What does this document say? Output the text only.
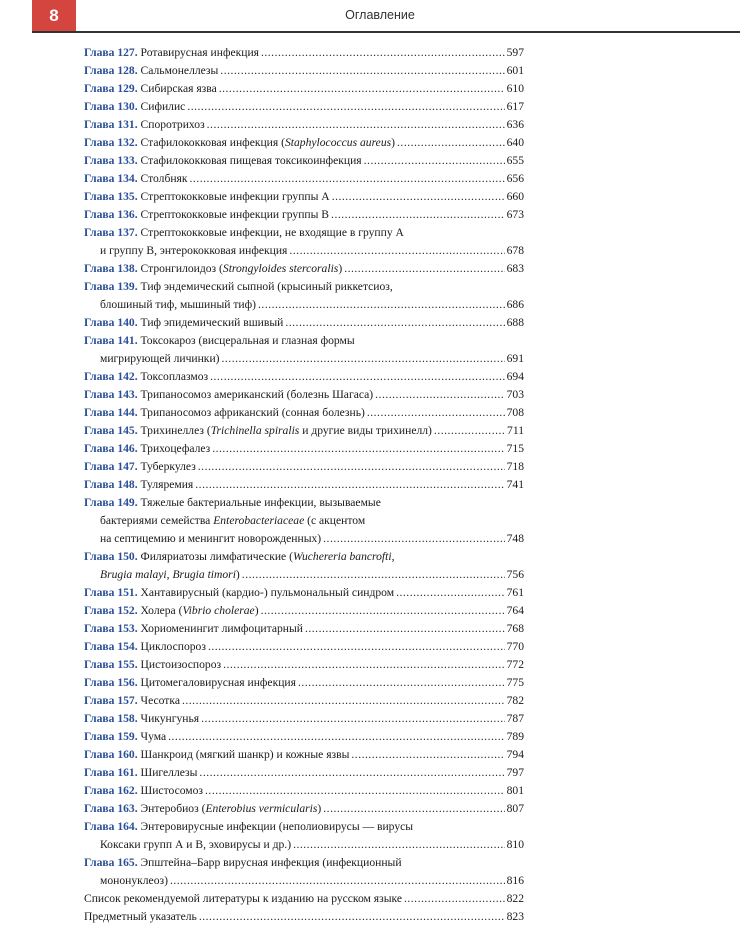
8	Оглавление
Глава 127. Ротавирусная инфекция .....	597
Глава 128. Сальмонеллезы .....	601
Глава 129. Сибирская язва .....	610
Глава 130. Сифилис .....	617
Глава 131. Споротрихоз .....	636
Глава 132. Стафилококковая инфекция (Staphylococcus aureus) .....	640
Глава 133. Стафилококковая пищевая токсикоинфекция .....	655
Глава 134. Столбняк .....	656
Глава 135. Стрептококковые инфекции группы А .....	660
Глава 136. Стрептококковые инфекции группы В .....	673
Глава 137. Стрептококковые инфекции, не входящие в группу А
и группу В, энтерококковая инфекция .....	678
Глава 138. Стронгилоидоз (Strongyloides stercoralis) .....	683
Глава 139. Тиф эндемический сыпной (крысиный риккетсиоз,
блошиный тиф, мышиный тиф) .....	686
Глава 140. Тиф эпидемический вшивый .....	688
Глава 141. Токсокароз (висцеральная и глазная формы
мигрирующей личинки) .....	691
Глава 142. Токсоплазмоз .....	694
Глава 143. Трипаносомоз американский (болезнь Шагаса) .....	703
Глава 144. Трипаносомоз африканский (сонная болезнь) .....	708
Глава 145. Трихинеллез (Trichinella spiralis и другие виды трихинелл) .....	711
Глава 146. Трихоцефалез .....	715
Глава 147. Туберкулез .....	718
Глава 148. Туляремия .....	741
Глава 149. Тяжелые бактериальные инфекции, вызываемые
бактериями семейства Enterobacteriaceae (с акцентом
на септицемию и менингит новорожденных) .....	748
Глава 150. Филяриатозы лимфатические (Wuchereria bancrofti,
Brugia malayi, Brugia timori) .....	756
Глава 151. Хантавирусный (кардио-) пульмональный синдром .....	761
Глава 152. Холера (Vibrio cholerae) .....	764
Глава 153. Хориоменингит лимфоцитарный .....	768
Глава 154. Циклоспороз .....	770
Глава 155. Цистоизоспороз .....	772
Глава 156. Цитомегаловирусная инфекция .....	775
Глава 157. Чесотка .....	782
Глава 158. Чикунгунья .....	787
Глава 159. Чума .....	789
Глава 160. Шанкроид (мягкий шанкр) и кожные язвы .....	794
Глава 161. Шигеллезы .....	797
Глава 162. Шистосомоз .....	801
Глава 163. Энтеробиоз (Enterobius vermicularis) .....	807
Глава 164. Энтеровирусные инфекции (неполиовирусы — вирусы
Коксаки групп А и В, эховирусы и др.) .....	810
Глава 165. Эпштейна–Барр вирусная инфекция (инфекционный
мононуклеоз) .....	816
Список рекомендуемой литературы к изданию на русском языке .....	822
Предметный указатель .....	823
